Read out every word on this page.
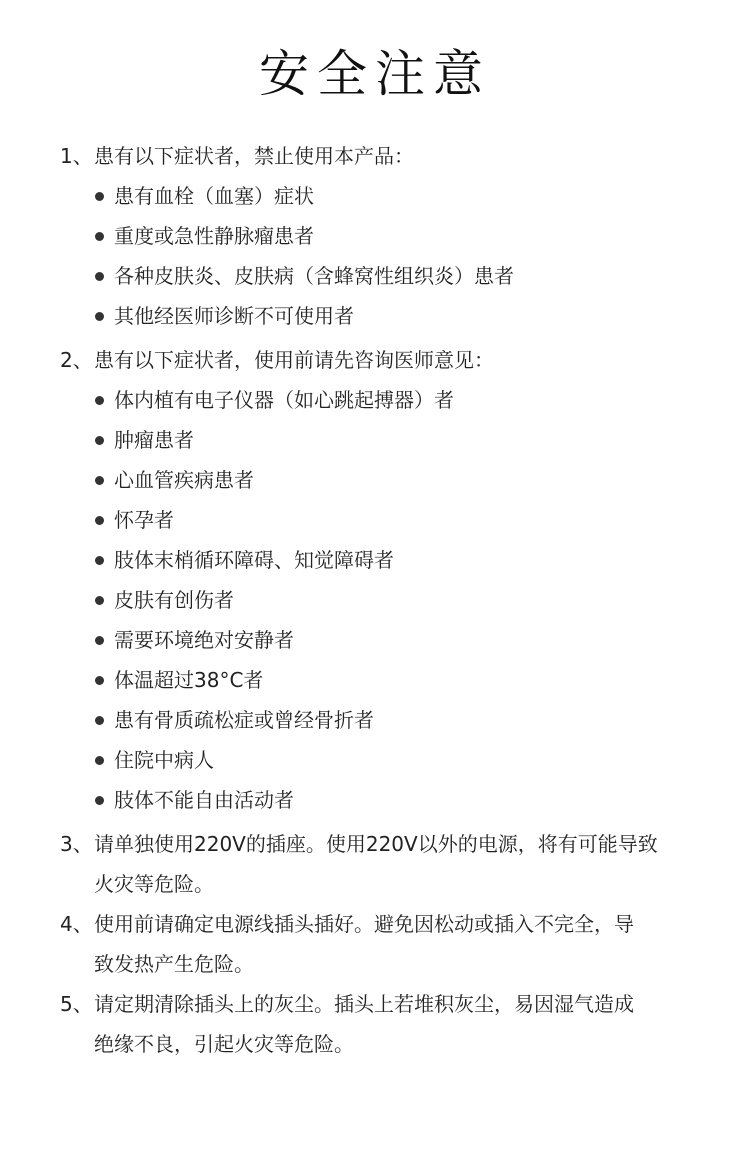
安全注意
1、 患有以下症状者，禁止使用本产品：
患有血栓（血塞）症状
重度或急性静脉瘤患者
各种皮肤炎、皮肤病（含蜂窝性组织炎）患者
其他经医师诊断不可使用者
2、 患有以下症状者，使用前请先咨询医师意见：
体内植有电子仪器（如心跳起搏器）者
肿瘤患者
心血管疾病患者
怀孕者
肢体末梢循环障碍、知觉障碍者
皮肤有创伤者
需要环境绝对安静者
体温超过38°C者
患有骨质疏松症或曾经骨折者
住院中病人
肢体不能自由活动者
3、 请单独使用220V的插座。使用220V以外的电源，将有可能导致
火灾等危险。
4、 使用前请确定电源线插头插好。避免因松动或插入不完全，导
致发热产生危险。
5、 请定期清除插头上的灰尘。插头上若堆积灰尘，易因湿气造成
绝缘不良，引起火灾等危险。
